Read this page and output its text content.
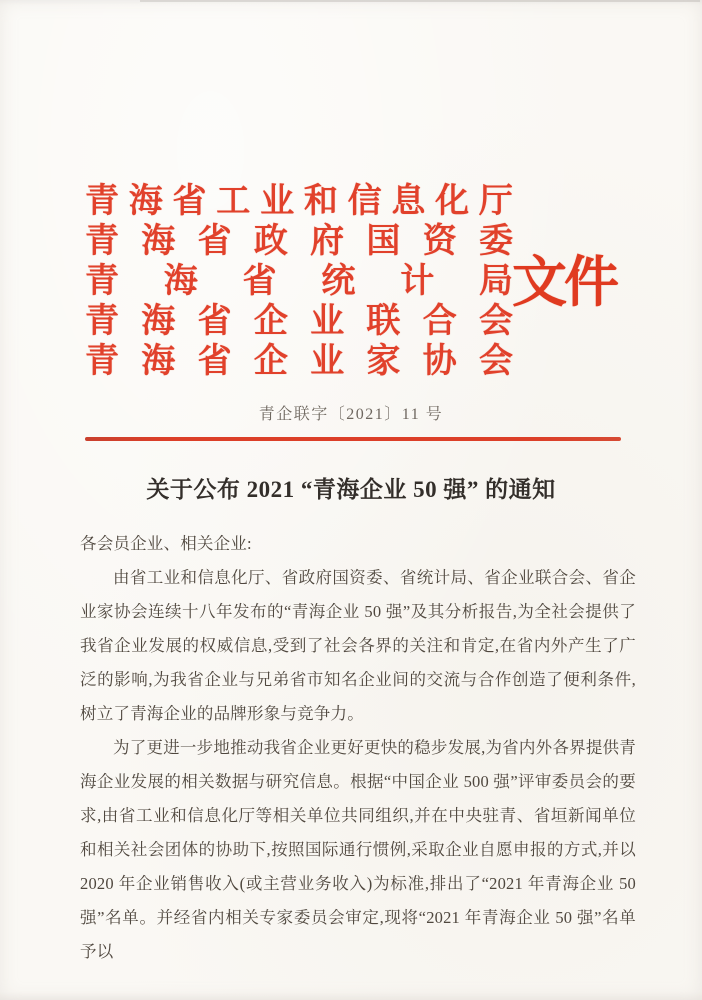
青 海 省 工 业 和 信 息 化 厅
青 海 省 政 府 国 资 委
青 海 省 统 计 局
青 海 省 企 业 联 合 会
青 海 省 企 业 家 协 会
文件
青企联字〔2021〕11 号
关于公布 2021 “青海企业 50 强” 的通知

各会员企业、相关企业:

由省工业和信息化厅、省政府国资委、省统计局、省企业联合会、省企业家协会连续十八年发布的“青海企业 50 强”及其分析报告,为全社会提供了我省企业发展的权威信息,受到了社会各界的关注和肯定,在省内外产生了广泛的影响,为我省企业与兄弟省市知名企业间的交流与合作创造了便利条件,树立了青海企业的品牌形象与竞争力。

为了更进一步地推动我省企业更好更快的稳步发展,为省内外各界提供青海企业发展的相关数据与研究信息。根据“中国企业 500 强”评审委员会的要求,由省工业和信息化厅等相关单位共同组织,并在中央驻青、省垣新闻单位和相关社会团体的协助下,按照国际通行惯例,采取企业自愿申报的方式,并以 2020 年企业销售收入(或主营业务收入)为标准,排出了“2021 年青海企业 50 强”名单。并经省内相关专家委员会审定,现将“2021 年青海企业 50 强”名单予以
